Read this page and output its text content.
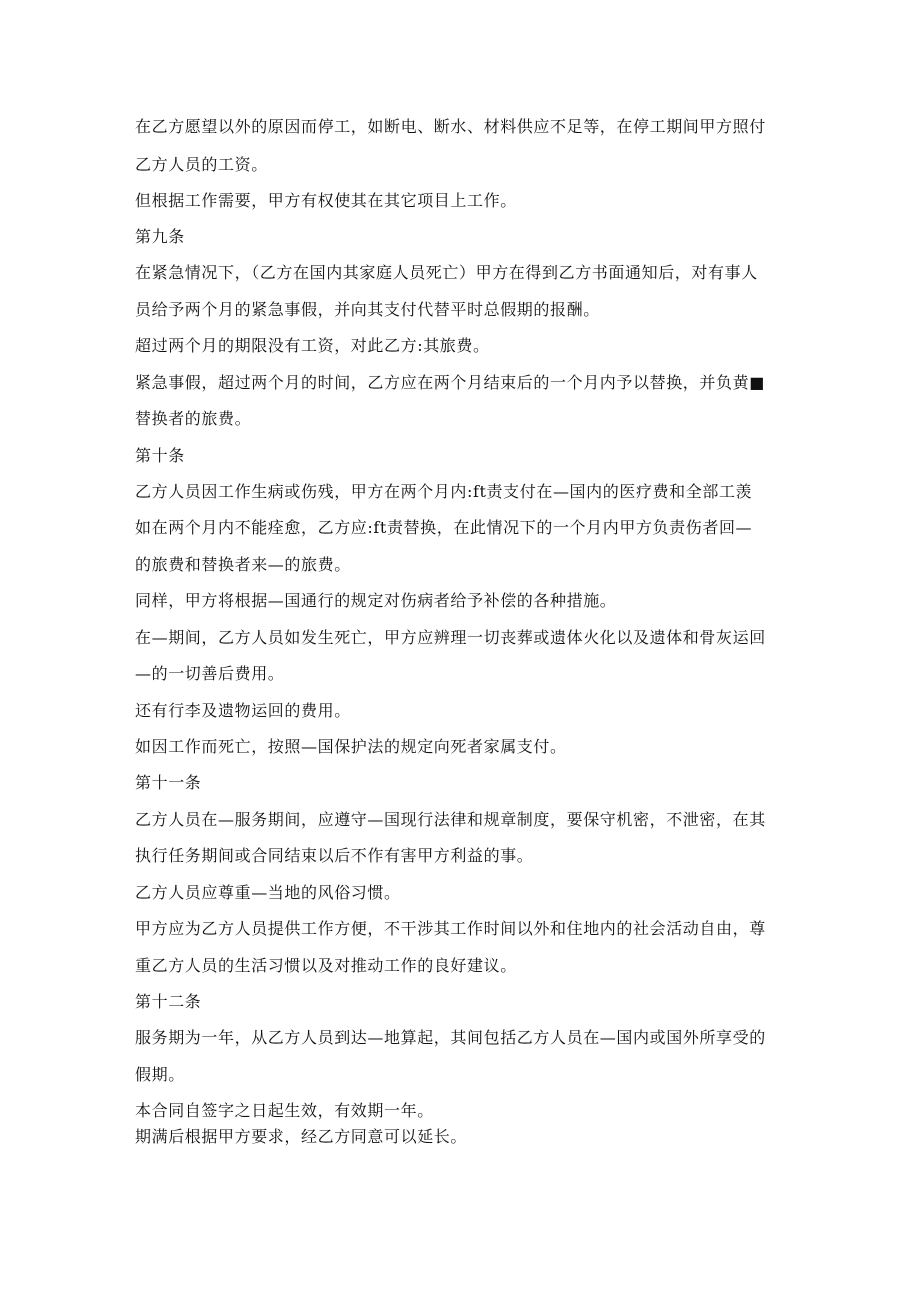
在乙方愿望以外的原因而停工，如断电、断水、材料供应不足等，在停工期间甲方照付
乙方人员的工资。
但根据工作需要，甲方有权使其在其它项目上工作。
第九条
在紧急情况下，（乙方在国内其家庭人员死亡）甲方在得到乙方书面通知后，对有事人
员给予两个月的紧急事假，并向其支付代替平时总假期的报酬。
超过两个月的期限没有工资，对此乙方:其旅费。
紧急事假，超过两个月的时间，乙方应在两个月结束后的一个月内予以替换，并负黄■
替换者的旅费。
第十条
乙方人员因工作生病或伤残，甲方在两个月内:ft责支付在—国内的医疗费和全部工羡
如在两个月内不能痊愈，乙方应:ft责替换，在此情况下的一个月内甲方负责伤者回—
的旅费和替换者来—的旅费。
同样，甲方将根据—国通行的规定对伤病者给予补偿的各种措施。
在—期间，乙方人员如发生死亡，甲方应辨理一切丧葬或遗体火化以及遗体和骨灰运回
—的一切善后费用。
还有行李及遗物运回的费用。
如因工作而死亡，按照—国保护法的规定向死者家属支付。
第十一条
乙方人员在—服务期间，应遵守—国现行法律和规章制度，要保守机密，不泄密，在其
执行任务期间或合同结束以后不作有害甲方利益的事。
乙方人员应尊重—当地的风俗习惯。
甲方应为乙方人员提供工作方便，不干涉其工作时间以外和住地内的社会活动自由，尊
重乙方人员的生活习惯以及对推动工作的良好建议。
第十二条
服务期为一年，从乙方人员到达—地算起，其间包括乙方人员在—国内或国外所享受的
假期。
本合同自签字之日起生效，有效期一年。
期满后根据甲方要求，经乙方同意可以延长。
